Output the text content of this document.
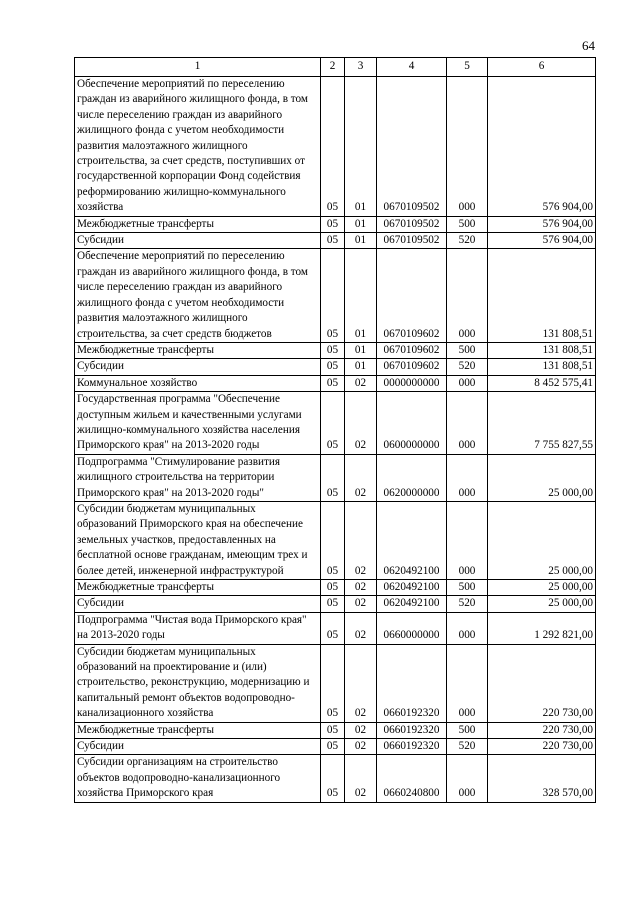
64
1	2	3	4	5	6
Обеспечение мероприятий по переселению граждан из аварийного жилищного фонда, в том числе переселению граждан из аварийного жилищного фонда с учетом необходимости развития малоэтажного жилищного строительства, за счет средств, поступивших от государственной корпорации Фонд содействия реформированию жилищно-коммунального хозяйства	05	01	0670109502	000	576 904,00
Межбюджетные трансферты	05	01	0670109502	500	576 904,00
Субсидии	05	01	0670109502	520	576 904,00
Обеспечение мероприятий по переселению граждан из аварийного жилищного фонда, в том числе переселению граждан из аварийного жилищного фонда с учетом необходимости развития малоэтажного жилищного строительства, за счет средств бюджетов	05	01	0670109602	000	131 808,51
Межбюджетные трансферты	05	01	0670109602	500	131 808,51
Субсидии	05	01	0670109602	520	131 808,51
Коммунальное хозяйство	05	02	0000000000	000	8 452 575,41
Государственная программа "Обеспечение доступным жильем и качественными услугами жилищно-коммунального хозяйства населения Приморского края" на 2013-2020 годы	05	02	0600000000	000	7 755 827,55
Подпрограмма "Стимулирование развития жилищного строительства на территории Приморского края" на 2013-2020 годы"	05	02	0620000000	000	25 000,00
Субсидии бюджетам муниципальных образований Приморского края на обеспечение земельных участков, предоставленных на бесплатной основе гражданам, имеющим трех и более детей, инженерной инфраструктурой	05	02	0620492100	000	25 000,00
Межбюджетные трансферты	05	02	0620492100	500	25 000,00
Субсидии	05	02	0620492100	520	25 000,00
Подпрограмма "Чистая вода Приморского края" на 2013-2020 годы	05	02	0660000000	000	1 292 821,00
Субсидии бюджетам муниципальных образований на проектирование и (или) строительство, реконструкцию, модернизацию и капитальный ремонт объектов водопроводно-канализационного хозяйства	05	02	0660192320	000	220 730,00
Межбюджетные трансферты	05	02	0660192320	500	220 730,00
Субсидии	05	02	0660192320	520	220 730,00
Субсидии организациям на строительство объектов водопроводно-канализационного хозяйства Приморского края	05	02	0660240800	000	328 570,00
